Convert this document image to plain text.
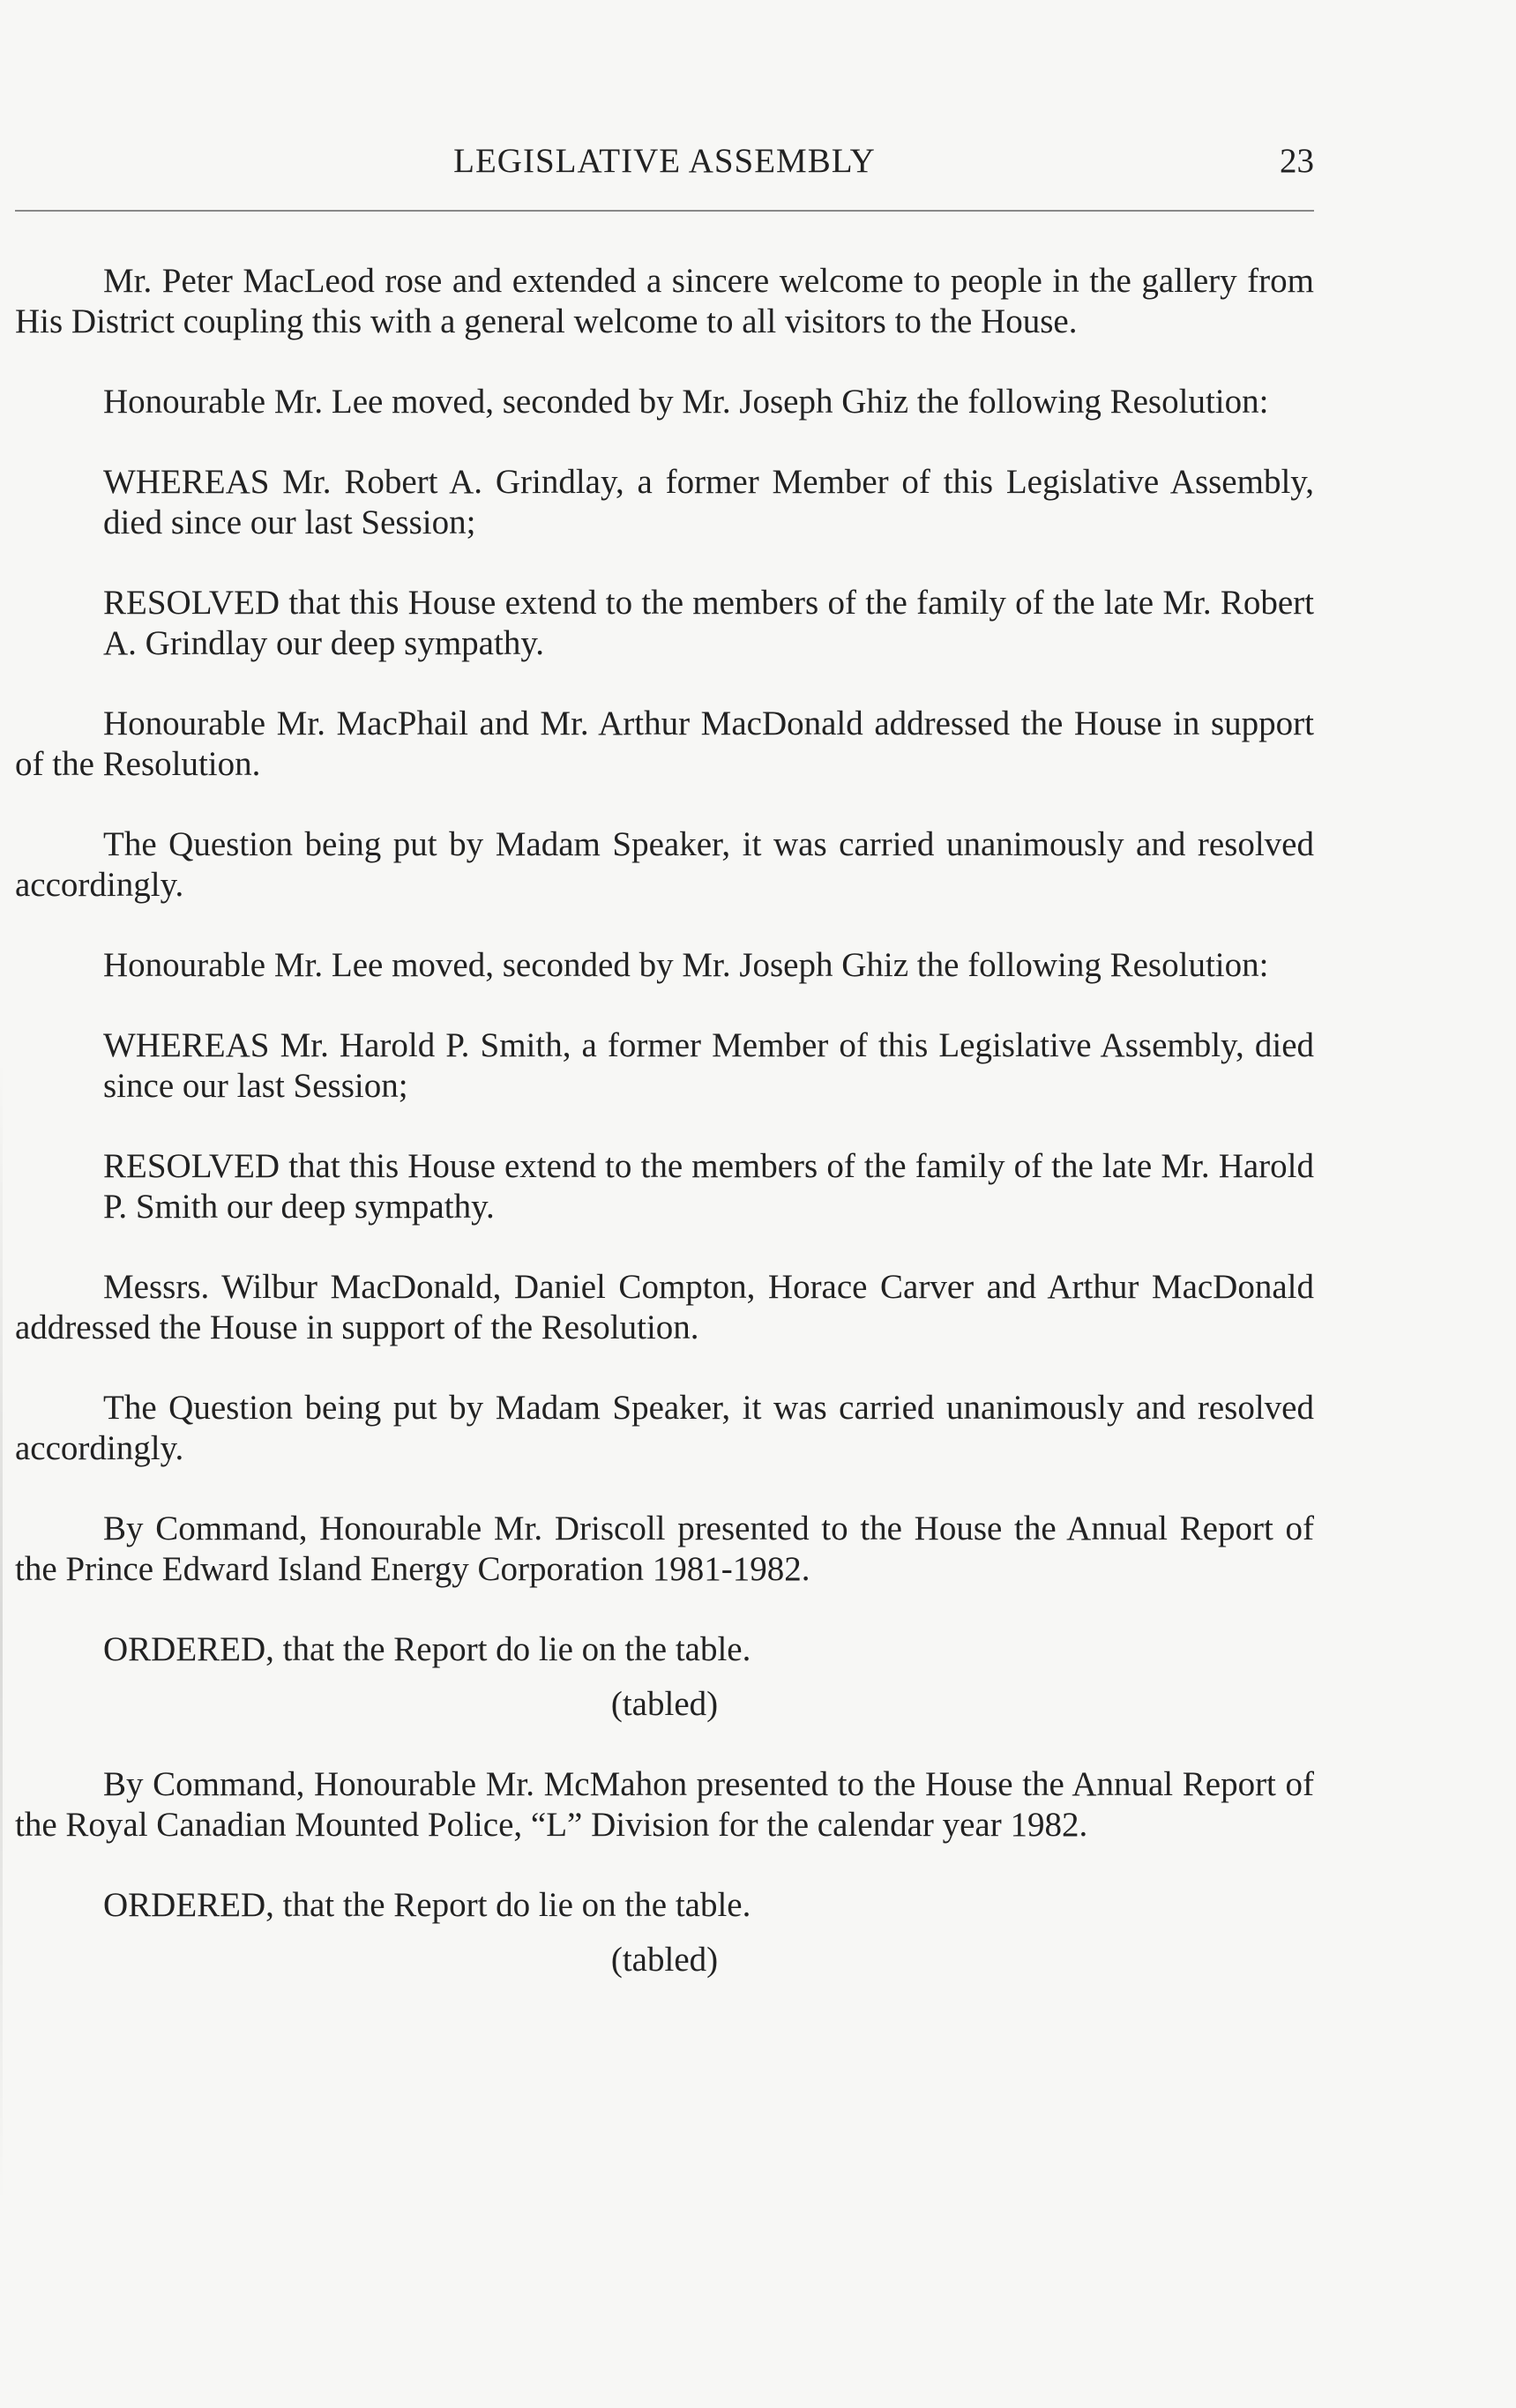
LEGISLATIVE ASSEMBLY	23

Mr. Peter MacLeod rose and extended a sincere welcome to people in the gallery from His District coupling this with a general welcome to all visitors to the House.

Honourable Mr. Lee moved, seconded by Mr. Joseph Ghiz the following Resolution:

WHEREAS Mr. Robert A. Grindlay, a former Member of this Legislative Assembly, died since our last Session;

RESOLVED that this House extend to the members of the family of the late Mr. Robert A. Grindlay our deep sympathy.

Honourable Mr. MacPhail and Mr. Arthur MacDonald addressed the House in support of the Resolution.

The Question being put by Madam Speaker, it was carried unanimously and resolved accordingly.

Honourable Mr. Lee moved, seconded by Mr. Joseph Ghiz the following Resolution:

WHEREAS Mr. Harold P. Smith, a former Member of this Legislative Assembly, died since our last Session;

RESOLVED that this House extend to the members of the family of the late Mr. Harold P. Smith our deep sympathy.

Messrs. Wilbur MacDonald, Daniel Compton, Horace Carver and Arthur MacDonald addressed the House in support of the Resolution.

The Question being put by Madam Speaker, it was carried unanimously and resolved accordingly.

By Command, Honourable Mr. Driscoll presented to the House the Annual Report of the Prince Edward Island Energy Corporation 1981-1982.

ORDERED, that the Report do lie on the table.

(tabled)

By Command, Honourable Mr. McMahon presented to the House the Annual Report of the Royal Canadian Mounted Police, “L” Division for the calendar year 1982.

ORDERED, that the Report do lie on the table.

(tabled)
